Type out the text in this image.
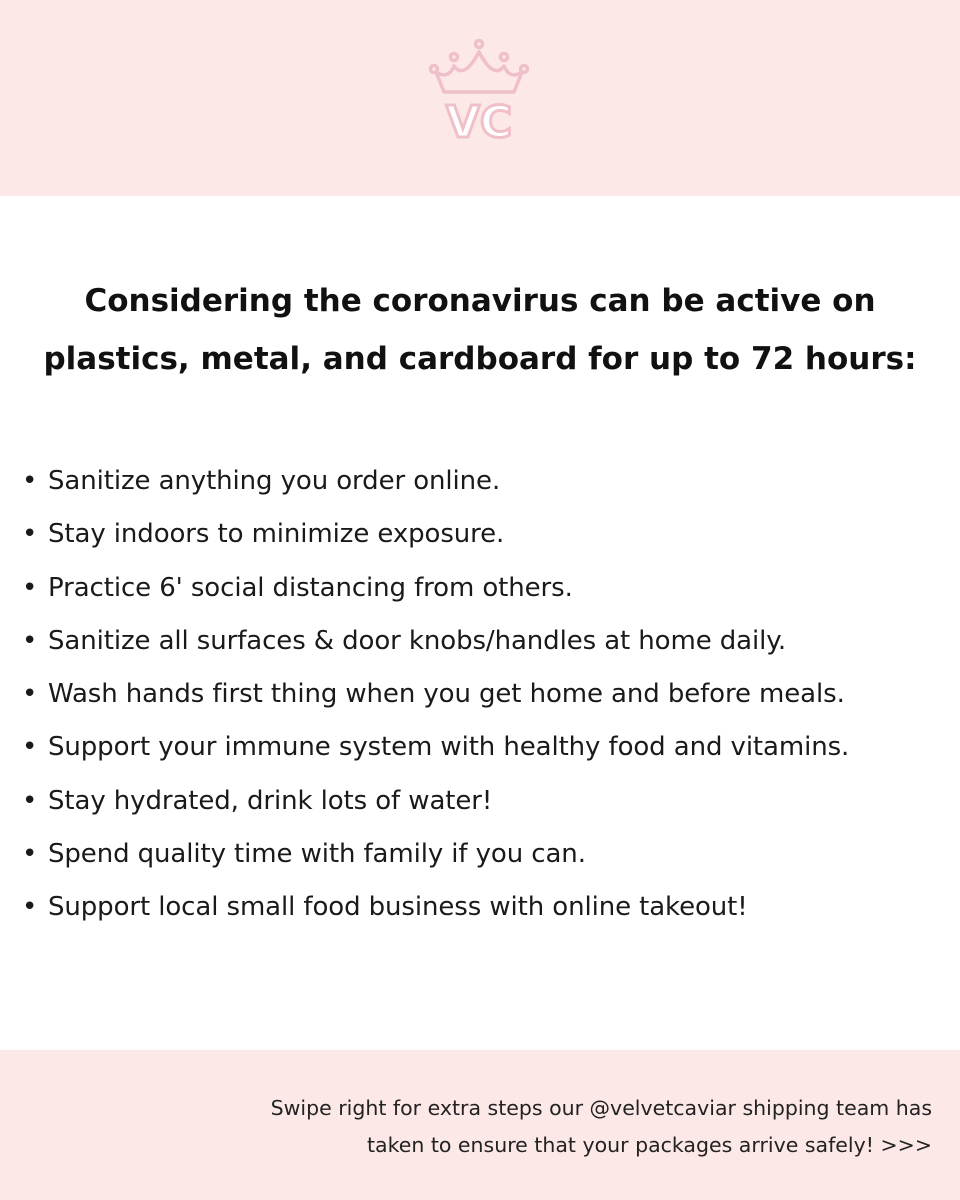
VC
Considering the coronavirus can be active on
plastics, metal, and cardboard for up to 72 hours:
• Sanitize anything you order online.
• Stay indoors to minimize exposure.
• Practice 6' social distancing from others.
• Sanitize all surfaces & door knobs/handles at home daily.
• Wash hands first thing when you get home and before meals.
• Support your immune system with healthy food and vitamins.
• Stay hydrated, drink lots of water!
• Spend quality time with family if you can.
• Support local small food business with online takeout!

Swipe right for extra steps our @velvetcaviar shipping team has
taken to ensure that your packages arrive safely! >>>
